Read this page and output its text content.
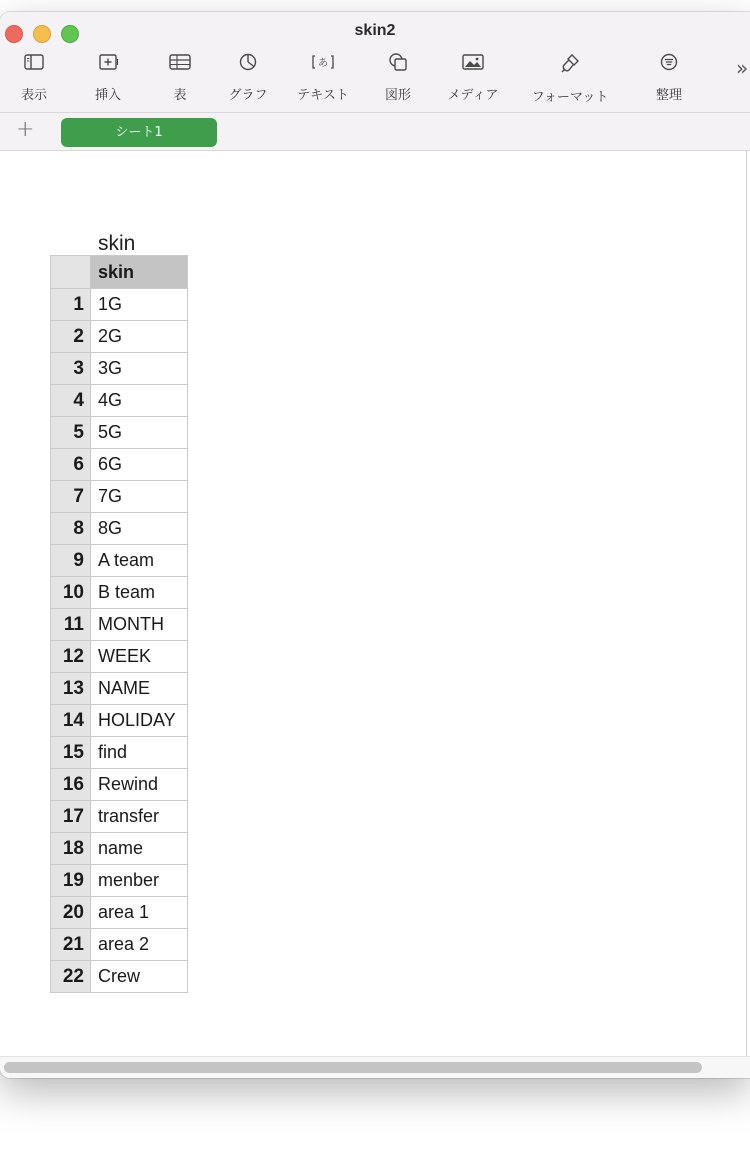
skin2
表示	挿入	表	グラフ
あ
テキスト	図形	メディア	フォーマット	整理
»
+	シート1
skin
	skin
1	1G
2	2G
3	3G
4	4G
5	5G
6	6G
7	7G
8	8G
9	A team
10	B team
11	MONTH
12	WEEK
13	NAME
14	HOLIDAY
15	find
16	Rewind
17	transfer
18	name
19	menber
20	area 1
21	area 2
22	Crew
